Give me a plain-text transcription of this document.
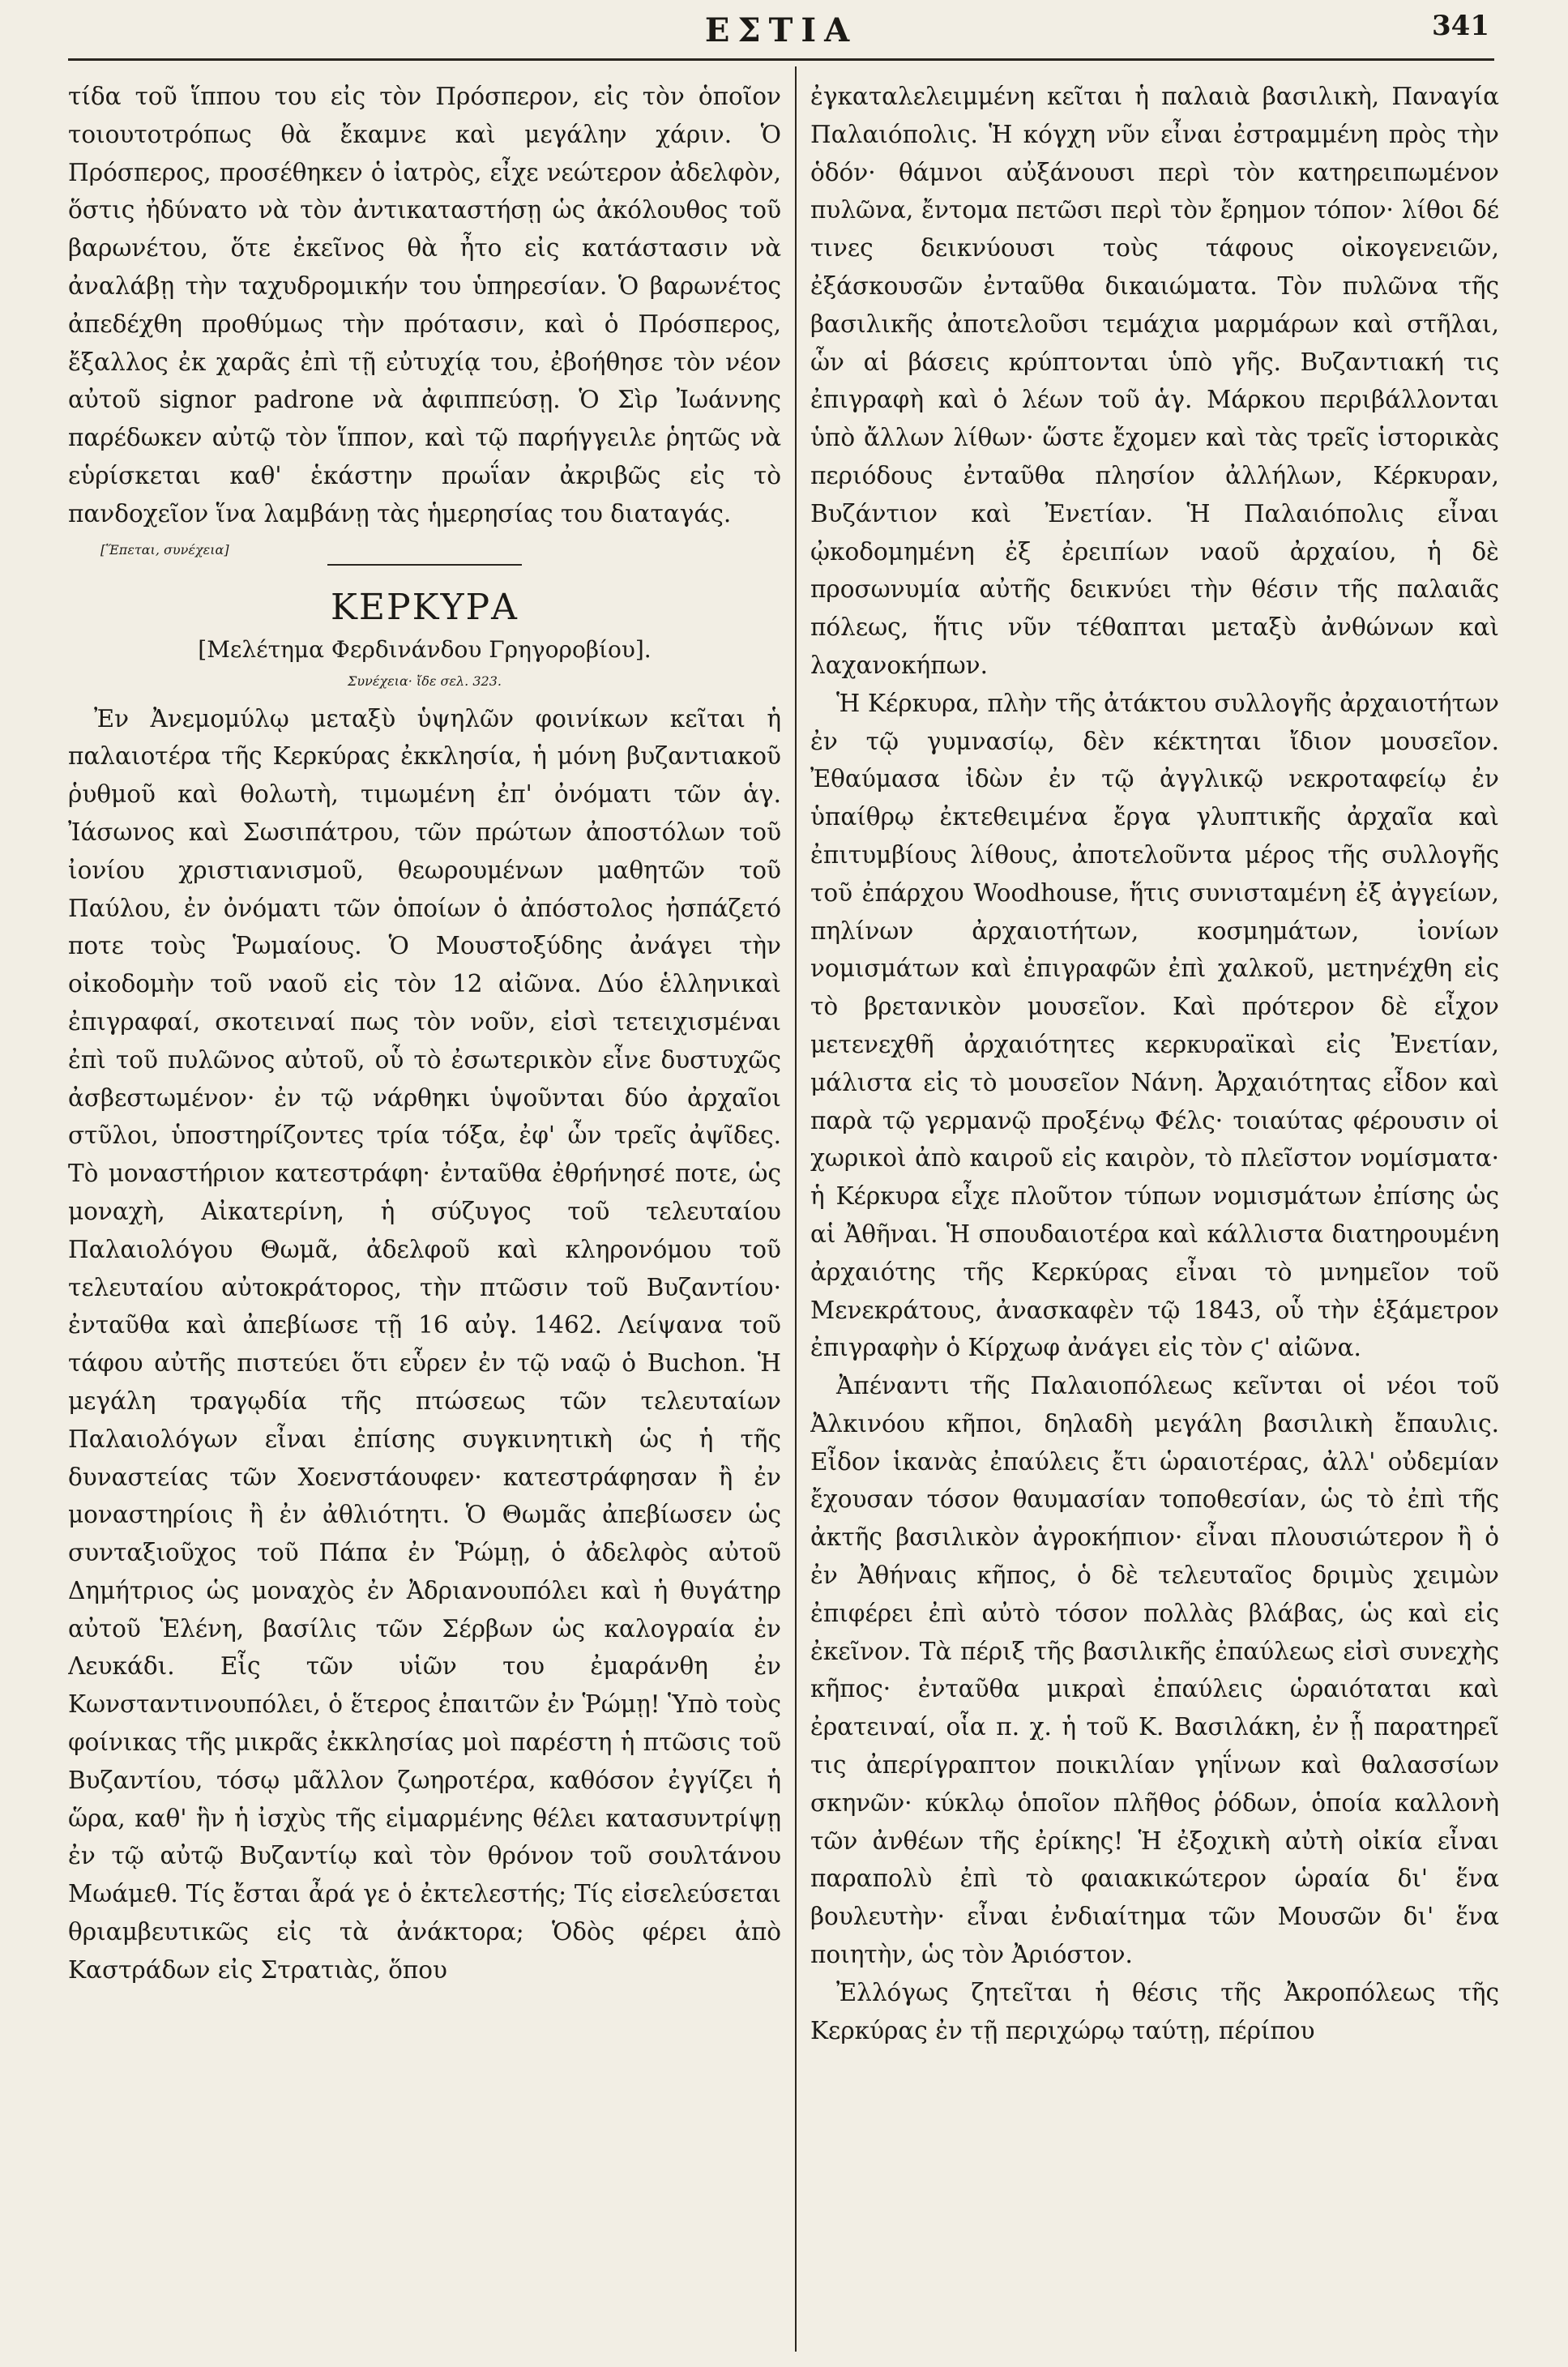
ΕΣΤΙΑ	341

τίδα τοῦ ἵππου του εἰς τὸν Πρόσπερον, εἰς τὸν ὁποῖον τοιουτοτρόπως θὰ ἔκαμνε καὶ μεγάλην χάριν. Ὁ Πρόσπερος, προσέθηκεν ὁ ἰατρὸς, εἶχε νεώτερον ἀδελφὸν, ὅστις ἠδύνατο νὰ τὸν ἀντικαταστήσῃ ὡς ἀκόλουθος τοῦ βαρωνέτου, ὅτε ἐκεῖνος θὰ ἦτο εἰς κατάστασιν νὰ ἀναλάβῃ τὴν ταχυδρομικήν του ὑπηρεσίαν. Ὁ βαρωνέτος ἀπεδέχθη προθύμως τὴν πρότασιν, καὶ ὁ Πρόσπερος, ἔξαλλος ἐκ χαρᾶς ἐπὶ τῇ εὐτυχίᾳ του, ἐβοήθησε τὸν νέον αὐτοῦ signor padrone νὰ ἀφιππεύσῃ. Ὁ Σὶρ Ἰωάννης παρέδωκεν αὐτῷ τὸν ἵππον, καὶ τῷ παρήγγειλε ῥητῶς νὰ εὑρίσκεται καθ' ἑκάστην πρωΐαν ἀκριβῶς εἰς τὸ πανδοχεῖον ἵνα λαμβάνῃ τὰς ἡμερησίας του διαταγάς.

[Ἕπεται, συνέχεια]

ΚΕΡΚΥΡΑ

[Μελέτημα Φερδινάνδου Γρηγοροβίου].

Συνέχεια· ἴδε σελ. 323.

Ἐν Ἀνεμομύλῳ μεταξὺ ὑψηλῶν φοινίκων κεῖται ἡ παλαιοτέρα τῆς Κερκύρας ἐκκλησία, ἡ μόνη βυζαντιακοῦ ῥυθμοῦ καὶ θολωτὴ, τιμωμένη ἐπ' ὀνόματι τῶν ἁγ. Ἰάσωνος καὶ Σωσιπάτρου, τῶν πρώτων ἀποστόλων τοῦ ἰονίου χριστιανισμοῦ, θεωρουμένων μαθητῶν τοῦ Παύλου, ἐν ὀνόματι τῶν ὁποίων ὁ ἀπόστολος ἠσπάζετό ποτε τοὺς Ῥωμαίους. Ὁ Μουστοξύδης ἀνάγει τὴν οἰκοδομὴν τοῦ ναοῦ εἰς τὸν 12 αἰῶνα. Δύο ἑλληνικαὶ ἐπιγραφαί, σκοτειναί πως τὸν νοῦν, εἰσὶ τετειχισμέναι ἐπὶ τοῦ πυλῶνος αὐτοῦ, οὗ τὸ ἐσωτερικὸν εἶνε δυστυχῶς ἀσβεστωμένον· ἐν τῷ νάρθηκι ὑψοῦνται δύο ἀρχαῖοι στῦλοι, ὑποστηρίζοντες τρία τόξα, ἐφ' ὧν τρεῖς ἀψῖδες. Τὸ μοναστήριον κατεστράφη· ἐνταῦθα ἐθρήνησέ ποτε, ὡς μοναχὴ, Αἰκατερίνη, ἡ σύζυγος τοῦ τελευταίου Παλαιολόγου Θωμᾶ, ἀδελφοῦ καὶ κληρονόμου τοῦ τελευταίου αὐτοκράτορος, τὴν πτῶσιν τοῦ Βυζαντίου· ἐνταῦθα καὶ ἀπεβίωσε τῇ 16 αὐγ. 1462. Λείψανα τοῦ τάφου αὐτῆς πιστεύει ὅτι εὗρεν ἐν τῷ ναῷ ὁ Buchon. Ἡ μεγάλη τραγῳδία τῆς πτώσεως τῶν τελευταίων Παλαιολόγων εἶναι ἐπίσης συγκινητικὴ ὡς ἡ τῆς δυναστείας τῶν Χοενστάουφεν· κατεστράφησαν ἢ ἐν μοναστηρίοις ἢ ἐν ἀθλιότητι. Ὁ Θωμᾶς ἀπεβίωσεν ὡς συνταξιοῦχος τοῦ Πάπα ἐν Ῥώμῃ, ὁ ἀδελφὸς αὐτοῦ Δημήτριος ὡς μοναχὸς ἐν Ἀδριανουπόλει καὶ ἡ θυγάτηρ αὐτοῦ Ἑλένη, βασίλις τῶν Σέρβων ὡς καλογραία ἐν Λευκάδι. Εἷς τῶν υἱῶν του ἐμαράνθη ἐν Κωνσταντινουπόλει, ὁ ἕτερος ἐπαιτῶν ἐν Ῥώμῃ! Ὑπὸ τοὺς φοίνικας τῆς μικρᾶς ἐκκλησίας μοὶ παρέστη ἡ πτῶσις τοῦ Βυζαντίου, τόσῳ μᾶλλον ζωηροτέρα, καθόσον ἐγγίζει ἡ ὥρα, καθ' ἣν ἡ ἰσχὺς τῆς εἱμαρμένης θέλει κατασυντρίψῃ ἐν τῷ αὐτῷ Βυζαντίῳ καὶ τὸν θρόνον τοῦ σουλτάνου Μωάμεθ. Τίς ἔσται ἆρά γε ὁ ἐκτελεστής; Τίς εἰσελεύσεται θριαμβευτικῶς εἰς τὰ ἀνάκτορα; Ὁδὸς φέρει ἀπὸ Καστράδων εἰς Στρατιὰς, ὅπου

ἐγκαταλελειμμένη κεῖται ἡ παλαιὰ βασιλικὴ, Παναγία Παλαιόπολις. Ἡ κόγχη νῦν εἶναι ἐστραμμένη πρὸς τὴν ὁδόν· θάμνοι αὐξάνουσι περὶ τὸν κατηρειπωμένον πυλῶνα, ἔντομα πετῶσι περὶ τὸν ἔρημον τόπον· λίθοι δέ τινες δεικνύουσι τοὺς τάφους οἰκογενειῶν, ἐξάσκουσῶν ἐνταῦθα δικαιώματα. Τὸν πυλῶνα τῆς βασιλικῆς ἀποτελοῦσι τεμάχια μαρμάρων καὶ στῆλαι, ὧν αἱ βάσεις κρύπτονται ὑπὸ γῆς. Βυζαντιακή τις ἐπιγραφὴ καὶ ὁ λέων τοῦ ἁγ. Μάρκου περιβάλλονται ὑπὸ ἄλλων λίθων· ὥστε ἔχομεν καὶ τὰς τρεῖς ἱστορικὰς περιόδους ἐνταῦθα πλησίον ἀλλήλων, Κέρκυραν, Βυζάντιον καὶ Ἐνετίαν. Ἡ Παλαιόπολις εἶναι ᾠκοδομημένη ἐξ ἐρειπίων ναοῦ ἀρχαίου, ἡ δὲ προσωνυμία αὐτῆς δεικνύει τὴν θέσιν τῆς παλαιᾶς πόλεως, ἥτις νῦν τέθαπται μεταξὺ ἀνθώνων καὶ λαχανοκήπων.

Ἡ Κέρκυρα, πλὴν τῆς ἀτάκτου συλλογῆς ἀρχαιοτήτων ἐν τῷ γυμνασίῳ, δὲν κέκτηται ἴδιον μουσεῖον. Ἐθαύμασα ἰδὼν ἐν τῷ ἀγγλικῷ νεκροταφείῳ ἐν ὑπαίθρῳ ἐκτεθειμένα ἔργα γλυπτικῆς ἀρχαῖα καὶ ἐπιτυμβίους λίθους, ἀποτελοῦντα μέρος τῆς συλλογῆς τοῦ ἐπάρχου Woodhouse, ἥτις συνισταμένη ἐξ ἀγγείων, πηλίνων ἀρχαιοτήτων, κοσμημάτων, ἰονίων νομισμάτων καὶ ἐπιγραφῶν ἐπὶ χαλκοῦ, μετηνέχθη εἰς τὸ βρετανικὸν μουσεῖον. Καὶ πρότερον δὲ εἶχον μετενεχθῆ ἀρχαιότητες κερκυραϊκαὶ εἰς Ἐνετίαν, μάλιστα εἰς τὸ μουσεῖον Νάνη. Ἀρχαιότητας εἶδον καὶ παρὰ τῷ γερμανῷ προξένῳ Φέλς· τοιαύτας φέρουσιν οἱ χωρικοὶ ἀπὸ καιροῦ εἰς καιρὸν, τὸ πλεῖστον νομίσματα· ἡ Κέρκυρα εἶχε πλοῦτον τύπων νομισμάτων ἐπίσης ὡς αἱ Ἀθῆναι. Ἡ σπουδαιοτέρα καὶ κάλλιστα διατηρουμένη ἀρχαιότης τῆς Κερκύρας εἶναι τὸ μνημεῖον τοῦ Μενεκράτους, ἀνασκαφὲν τῷ 1843, οὗ τὴν ἑξάμετρον ἐπιγραφὴν ὁ Κίρχωφ ἀνάγει εἰς τὸν ϛ' αἰῶνα.

Ἀπέναντι τῆς Παλαιοπόλεως κεῖνται οἱ νέοι τοῦ Ἀλκινόου κῆποι, δηλαδὴ μεγάλη βασιλικὴ ἔπαυλις. Εἶδον ἱκανὰς ἐπαύλεις ἔτι ὡραιοτέρας, ἀλλ' οὐδεμίαν ἔχουσαν τόσον θαυμασίαν τοποθεσίαν, ὡς τὸ ἐπὶ τῆς ἀκτῆς βασιλικὸν ἀγροκήπιον· εἶναι πλουσιώτερον ἢ ὁ ἐν Ἀθήναις κῆπος, ὁ δὲ τελευταῖος δριμὺς χειμὼν ἐπιφέρει ἐπὶ αὐτὸ τόσον πολλὰς βλάβας, ὡς καὶ εἰς ἐκεῖνον. Τὰ πέριξ τῆς βασιλικῆς ἐπαύλεως εἰσὶ συνεχὴς κῆπος· ἐνταῦθα μικραὶ ἐπαύλεις ὡραιόταται καὶ ἐρατειναί, οἷα π. χ. ἡ τοῦ Κ. Βασιλάκη, ἐν ᾗ παρατηρεῖ τις ἀπερίγραπτον ποικιλίαν γηΐνων καὶ θαλασσίων σκηνῶν· κύκλῳ ὁποῖον πλῆθος ῥόδων, ὁποία καλλονὴ τῶν ἀνθέων τῆς ἐρίκης! Ἡ ἐξοχικὴ αὐτὴ οἰκία εἶναι παραπολὺ ἐπὶ τὸ φαιακικώτερον ὡραία δι' ἕνα βουλευτὴν· εἶναι ἐνδιαίτημα τῶν Μουσῶν δι' ἕνα ποιητὴν, ὡς τὸν Ἀριόστον.

Ἐλλόγως ζητεῖται ἡ θέσις τῆς Ἀκροπόλεως τῆς Κερκύρας ἐν τῇ περιχώρῳ ταύτῃ, πέρίπου
